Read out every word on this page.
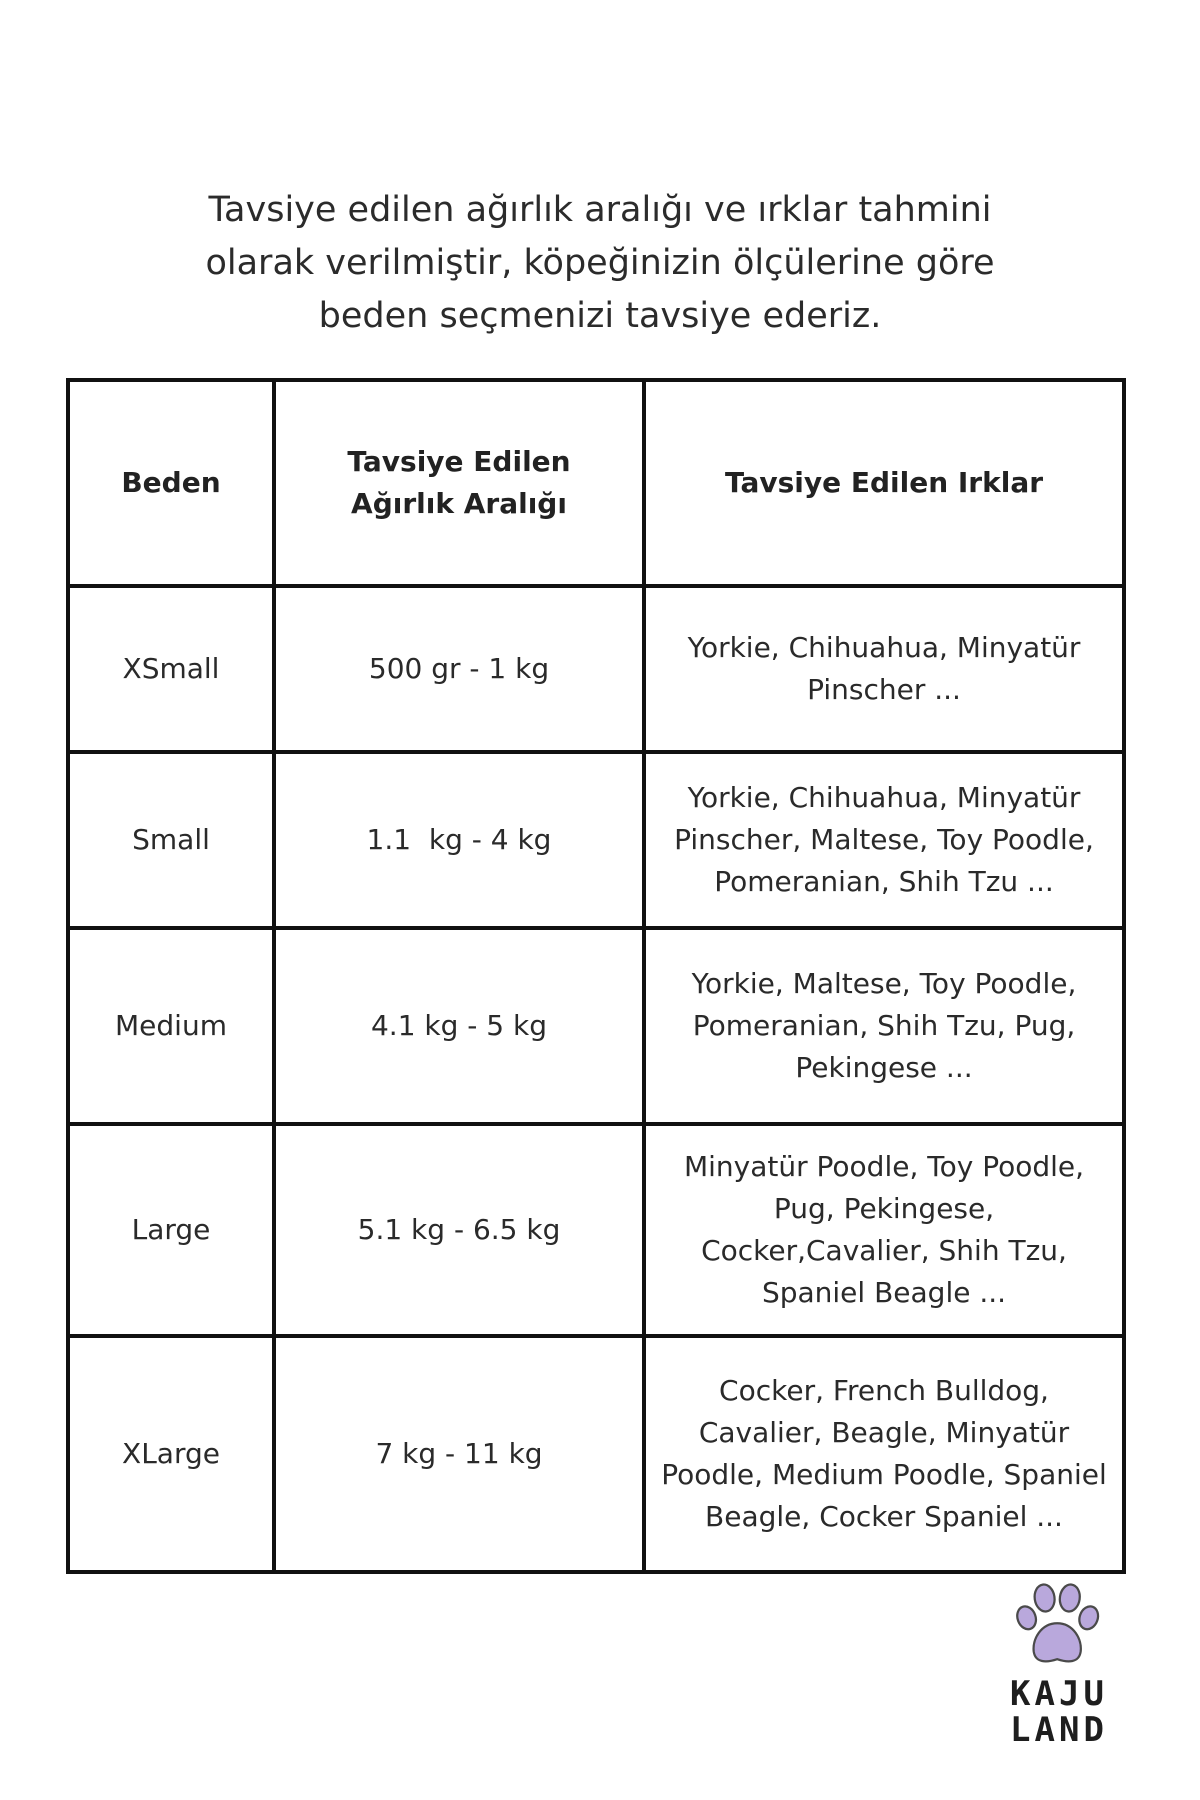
Tavsiye edilen ağırlık aralığı ve ırklar tahmini
olarak verilmiştir, köpeğinizin ölçülerine göre
beden seçmenizi tavsiye ederiz.
Beden	Tavsiye Edilen Ağırlık Aralığı	Tavsiye Edilen Irklar
XSmall	500 gr - 1 kg	Yorkie, Chihuahua, Minyatür Pinscher ...
Small	1.1  kg - 4 kg	Yorkie, Chihuahua, Minyatür Pinscher, Maltese, Toy Poodle, Pomeranian, Shih Tzu ...
Medium	4.1 kg - 5 kg	Yorkie, Maltese, Toy Poodle, Pomeranian, Shih Tzu, Pug, Pekingese ...
Large	5.1 kg - 6.5 kg	Minyatür Poodle, Toy Poodle, Pug, Pekingese, Cocker,Cavalier, Shih Tzu, Spaniel Beagle ...
XLarge	7 kg - 11 kg	Cocker, French Bulldog, Cavalier, Beagle, Minyatür Poodle, Medium Poodle, Spaniel Beagle, Cocker Spaniel ...
KAJU
LAND
